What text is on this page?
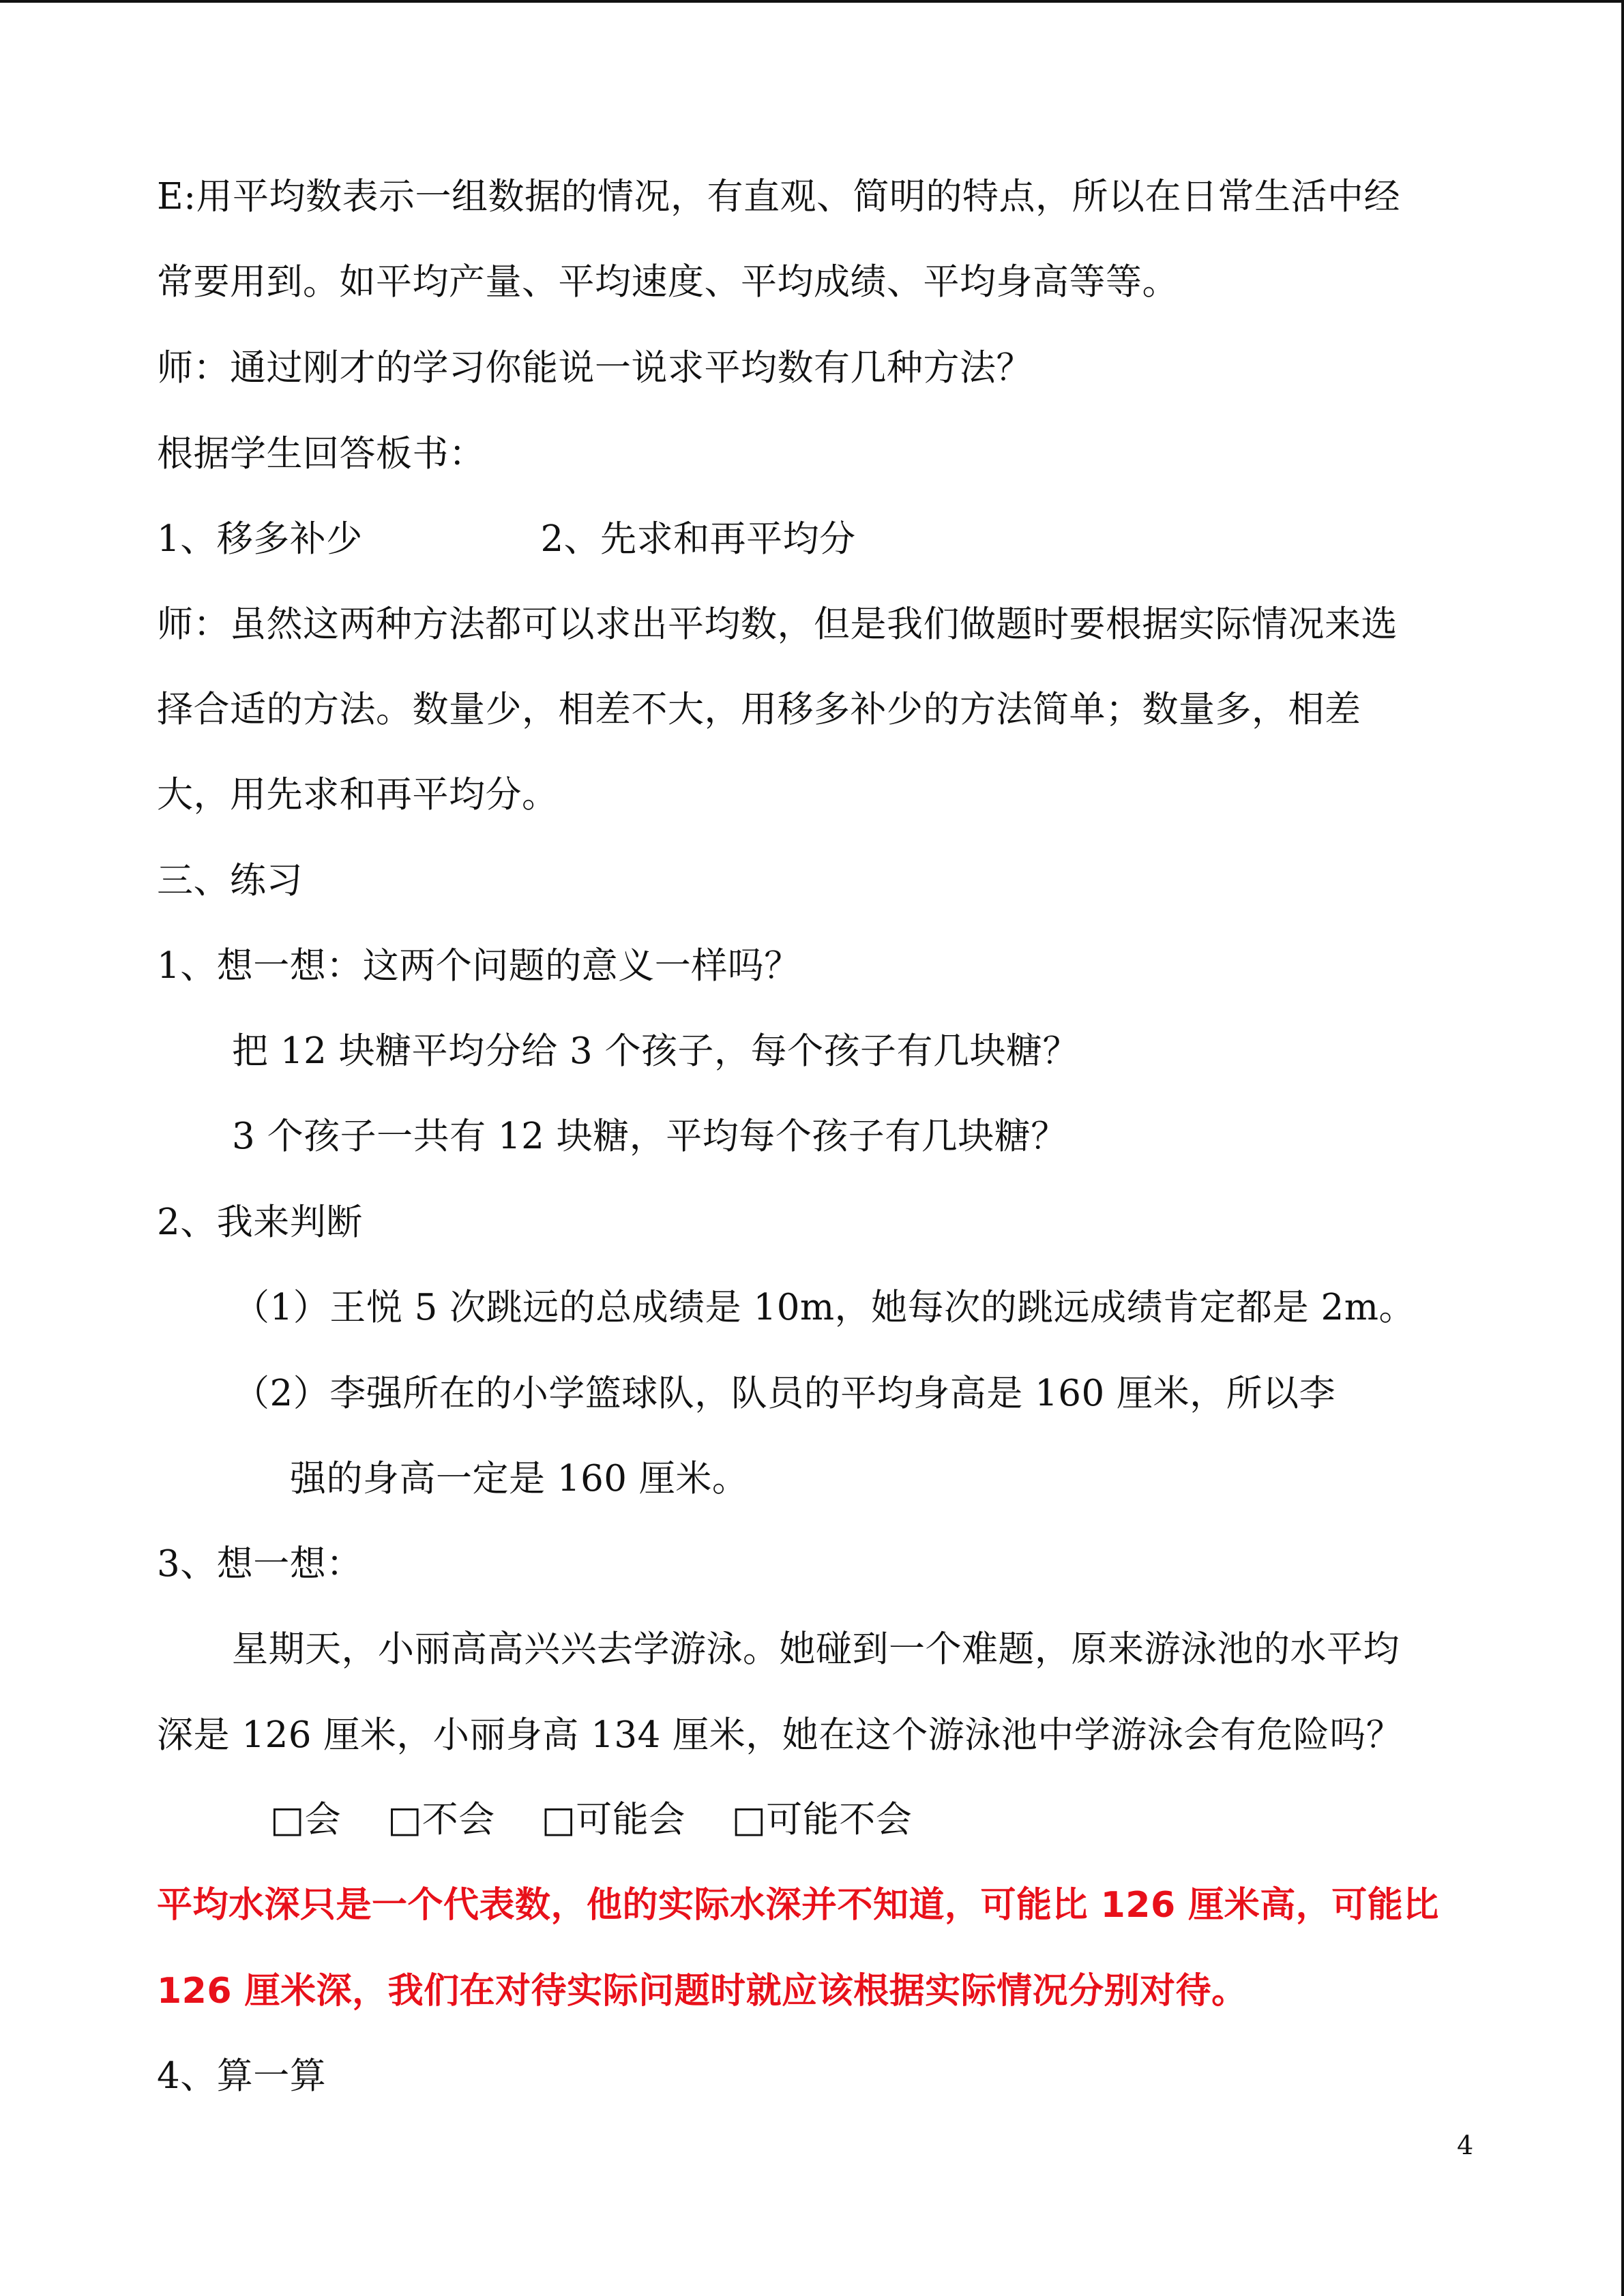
E:用平均数表示一组数据的情况，有直观、简明的特点，所以在日常生活中经
常要用到。如平均产量、平均速度、平均成绩、平均身高等等。
师：通过刚才的学习你能说一说求平均数有几种方法？
根据学生回答板书：
1、移多补少	2、先求和再平均分
师：虽然这两种方法都可以求出平均数，但是我们做题时要根据实际情况来选
择合适的方法。数量少，相差不大，用移多补少的方法简单；数量多，相差
大，用先求和再平均分。
三、练习
1、想一想：这两个问题的意义一样吗？
把 12 块糖平均分给 3 个孩子，每个孩子有几块糖？
3 个孩子一共有 12 块糖，平均每个孩子有几块糖？
2、我来判断
（1）王悦 5 次跳远的总成绩是 10m，她每次的跳远成绩肯定都是 2m。
（2）李强所在的小学篮球队，队员的平均身高是 160 厘米，所以李
强的身高一定是 160 厘米。
3、想一想：
星期天，小丽高高兴兴去学游泳。她碰到一个难题，原来游泳池的水平均
深是 126 厘米，小丽身高 134 厘米，她在这个游泳池中学游泳会有危险吗？
□会 □不会 □可能会 □可能不会
平均水深只是一个代表数，他的实际水深并不知道，可能比 126 厘米高，可能比
126 厘米深，我们在对待实际问题时就应该根据实际情况分别对待。
4、算一算
4
